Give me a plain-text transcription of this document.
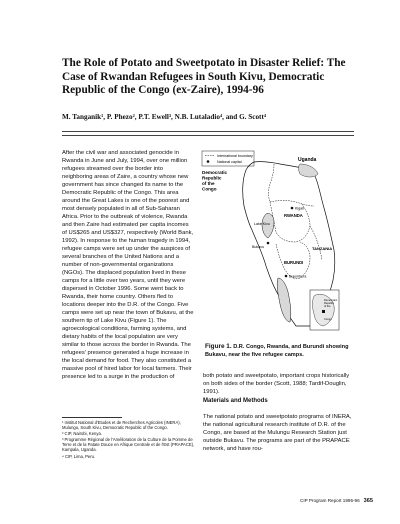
The Role of Potato and Sweetpotato in Disaster Relief: The Case of Rwandan Refugees in South Kivu, Democratic Republic of the Congo (ex-Zaire), 1994-96

M. Tanganik¹, P. Phezo², P.T. Ewell³, N.B. Lutaladio⁴, and G. Scott⁴

After the civil war and associated genocide in Rwanda in June and July, 1994, over one million refugees streamed over the border into neighboring areas of Zaire, a country whose new government has since changed its name to the Democratic Republic of the Congo. This area around the Great Lakes is one of the poorest and most densely populated in all of Sub-Saharan Africa. Prior to the outbreak of violence, Rwanda and then Zaire had estimated per capita incomes of US$265 and US$327, respectively (World Bank, 1992). In response to the human tragedy in 1994, refugee camps were set up under the auspices of several branches of the United Nations and a number of non-governmental organizations (NGOs). The displaced population lived in these camps for a little over two years, until they were dispersed in October 1996. Some went back to Rwanda, their home country. Others fled to locations deeper into the D.R. of the Congo. Five camps were set up near the town of Bukavu, at the southern tip of Lake Kivu (Figure 1). The agroecological conditions, farming systems, and dietary habits of the local population are very similar to those across the border in Rwanda. The refugees' presence generated a huge increase in the local demand for food. They also constituted a massive pool of hired labor for local farmers. Their presence led to a surge in the production of

¹ Institut National d'Etudes et de Recherches Agricoles (INERA), Mulungu, South Kivu, Democratic Republic of the Congo.

² CIP, Nairobi, Kenya.

³ Programme Régional de l'Amélioration de la Culture de la Pomme de Terre et de la Patate Douce en Afrique Centrale et de l'Est (PRAPACE), Kampala, Uganda.

⁴ CIP, Lima, Peru.

International boundary
National capital
Democratic
Republic
of the
Congo
Uganda
RWANDA
TANZANIA
BURUNDI
Kigali
Lake Kivu
Bukavu
Bujumbura
Democratic
Republic
of the
Congo

Figure 1. D.R. Congo, Rwanda, and Burundi showing Bukavu, near the five refugee camps.

both potato and sweetpotato, important crops historically on both sides of the border (Scott, 1988; Tardif-Douglin, 1991).

Materials and Methods

The national potato and sweetpotato programs of INERA, the national agricultural research institute of D.R. of the Congo, are based at the Mulungu Research Station just outside Bukavu. The programs are part of the PRAPACE network, and have rou-

CIP Program Report 1995-96 365
